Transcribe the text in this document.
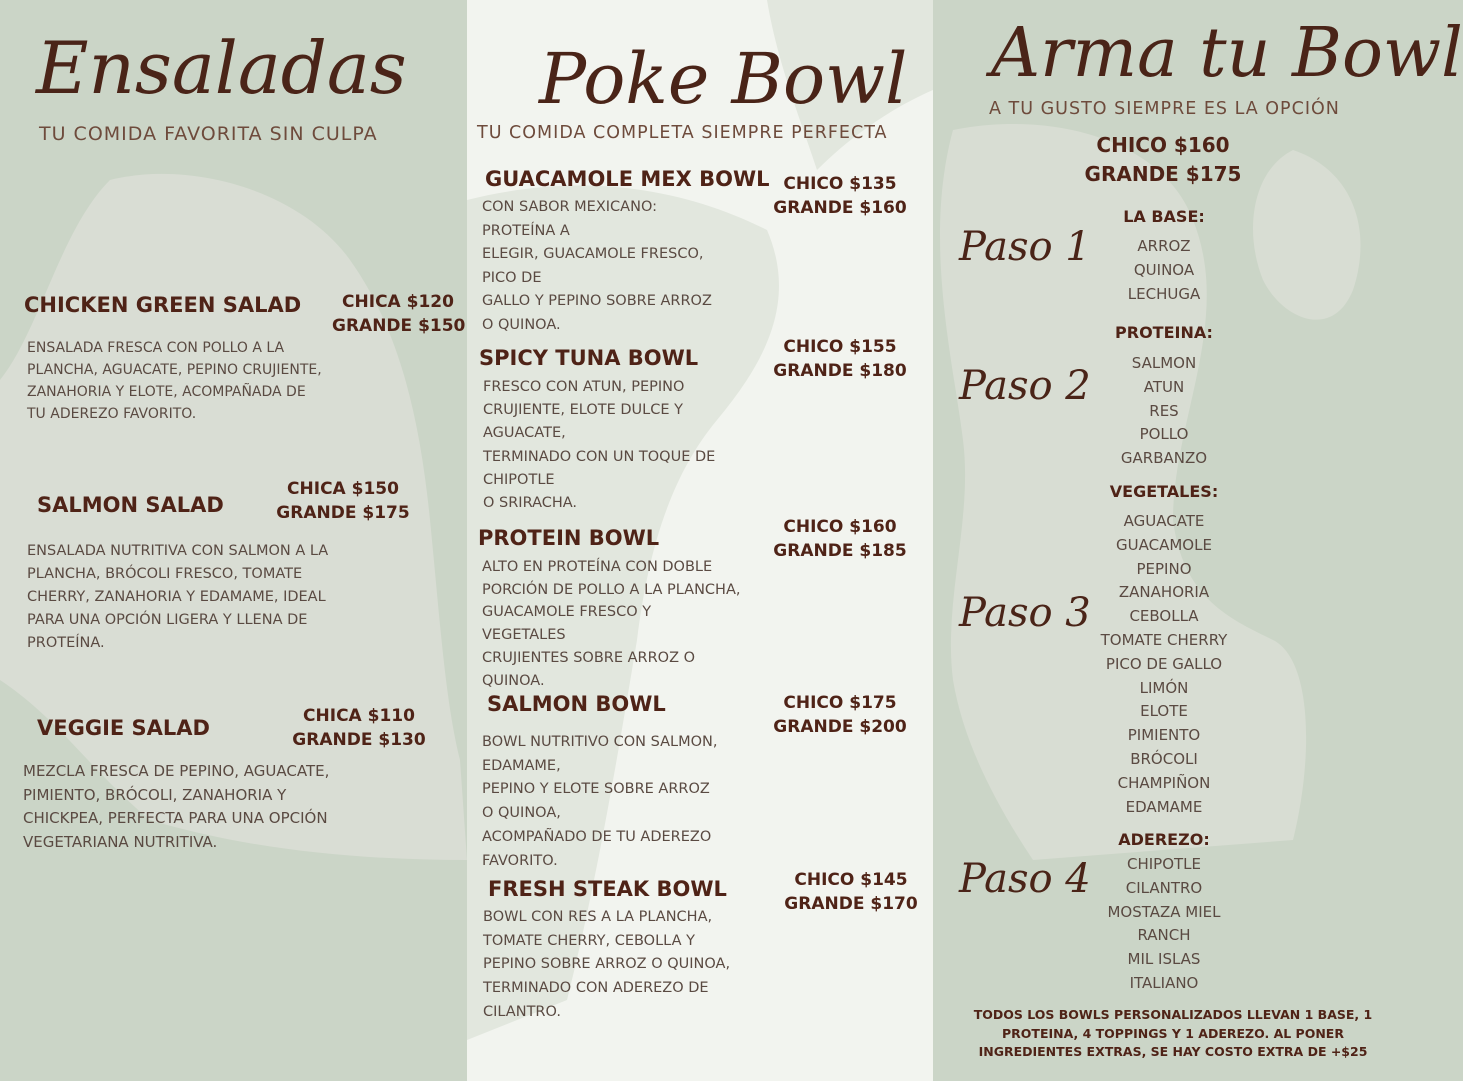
Ensaladas
TU COMIDA FAVORITA SIN CULPA
CHICKEN GREEN SALAD	CHICA $120
GRANDE $150
ENSALADA FRESCA CON POLLO A LA
PLANCHA, AGUACATE, PEPINO CRUJIENTE,
ZANAHORIA Y ELOTE, ACOMPAÑADA DE
TU ADEREZO FAVORITO.
SALMON SALAD
CHICA $150
GRANDE $175
ENSALADA NUTRITIVA CON SALMON A LA
PLANCHA, BRÓCOLI FRESCO, TOMATE
CHERRY, ZANAHORIA Y EDAMAME, IDEAL
PARA UNA OPCIÓN LIGERA Y LLENA DE
PROTEÍNA.
VEGGIE SALAD	CHICA $110
GRANDE $130
MEZCLA FRESCA DE PEPINO, AGUACATE,
PIMIENTO, BRÓCOLI, ZANAHORIA Y
CHICKPEA, PERFECTA PARA UNA OPCIÓN
VEGETARIANA NUTRITIVA.
Poke Bowl
TU COMIDA COMPLETA SIEMPRE PERFECTA
GUACAMOLE MEX BOWL CHICO $135
GRANDE $160
CON SABOR MEXICANO:
PROTEÍNA A
ELEGIR, GUACAMOLE FRESCO,
PICO DE
GALLO Y PEPINO SOBRE ARROZ
O QUINOA.
SPICY TUNA BOWL	CHICO $155
GRANDE $180
FRESCO CON ATUN, PEPINO
CRUJIENTE, ELOTE DULCE Y
AGUACATE,
TERMINADO CON UN TOQUE DE
CHIPOTLE
O SRIRACHA.
PROTEIN BOWL	CHICO $160
GRANDE $185
ALTO EN PROTEÍNA CON DOBLE
PORCIÓN DE POLLO A LA PLANCHA,
GUACAMOLE FRESCO Y
VEGETALES
CRUJIENTES SOBRE ARROZ O
QUINOA.
SALMON BOWL	CHICO $175
GRANDE $200
BOWL NUTRITIVO CON SALMON,
EDAMAME,
PEPINO Y ELOTE SOBRE ARROZ
O QUINOA,
ACOMPAÑADO DE TU ADEREZO
FAVORITO.
FRESH STEAK BOWL	CHICO $145
GRANDE $170
BOWL CON RES A LA PLANCHA,
TOMATE CHERRY, CEBOLLA Y
PEPINO SOBRE ARROZ O QUINOA,
TERMINADO CON ADEREZO DE
CILANTRO.
Arma tu Bowl
A TU GUSTO SIEMPRE ES LA OPCIÓN
CHICO $160
GRANDE $175
Paso 1
LA BASE:
ARROZ
QUINOA
LECHUGA
Paso 2
PROTEINA:
SALMON
ATUN
RES
POLLO
GARBANZO
Paso 3
VEGETALES:
AGUACATE
GUACAMOLE
PEPINO
ZANAHORIA
CEBOLLA
TOMATE CHERRY
PICO DE GALLO
LIMÓN
ELOTE
PIMIENTO
BRÓCOLI
CHAMPIÑON
EDAMAME
Paso 4
ADEREZO:
CHIPOTLE
CILANTRO
MOSTAZA MIEL
RANCH
MIL ISLAS
ITALIANO
TODOS LOS BOWLS PERSONALIZADOS LLEVAN 1 BASE, 1
PROTEINA, 4 TOPPINGS Y 1 ADEREZO. AL PONER
INGREDIENTES EXTRAS, SE HAY COSTO EXTRA DE +$25
